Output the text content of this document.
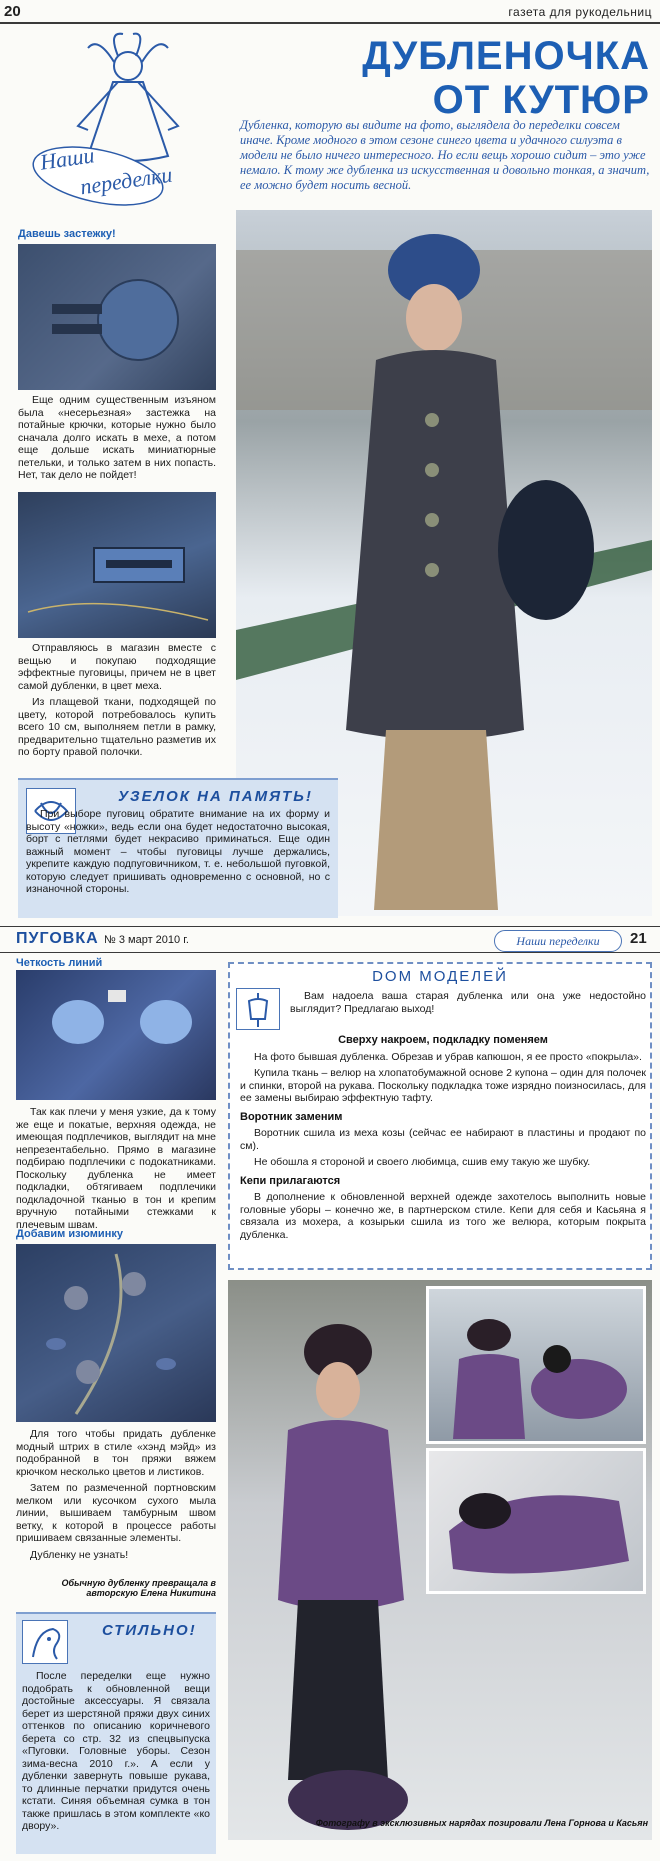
20	газета для рукодельниц
Наши
переделки
ДУБЛЕНОЧКА
ОТ КУТЮР
Дубленка, которую вы видите на фото, выглядела до переделки совсем иначе. Кроме модного в этом сезоне синего цвета и удачного силуэта в модели не было ничего интересного. Но если вещь хорошо сидит – это уже немало. К тому же дубленка из искусственная и довольно тонкая, а значит, ее можно будет носить весной.
Давешь застежку!

Еще одним существенным изъяном была «несерьезная» застежка на потайные крючки, которые нужно было сначала долго искать в мехе, а потом еще дольше искать миниатюрные петельки, и только затем в них попасть. Нет, так дело не пойдет!

Отправляюсь в магазин вместе с вещью и покупаю подходящие эффектные пуговицы, причем не в цвет самой дубленки, в цвет меха.

Из плащевой ткани, подходящей по цвету, которой потребовалось купить всего 10 см, выполняем петли в рамку, предварительно тщательно разметив их по борту правой полочки.

УЗЕЛОК НА ПАМЯТЬ!

При выборе пуговиц обратите внимание на их форму и высоту «ножки», ведь если она будет недостаточно высокая, борт с петлями будет некрасиво приминаться. Еще один важный момент – чтобы пуговицы лучше держались, укрепите каждую подпуговичником, т. е. небольшой пуговкой, которую следует пришивать одновременно с основной, но с изнаночной стороны.

ПУГОВКА № 3 март 2010 г.	Наши переделки	21
Четкость линий

Так как плечи у меня узкие, да к тому же еще и покатые, верхняя одежда, не имеющая подплечиков, выглядит на мне непрезентабельно. Прямо в магазине подбираю подплечики с подокатниками. Поскольку дубленка не имеет подкладки, обтягиваем подплечики подкладочной тканью в тон и крепим вручную потайными стежками к плечевым швам.

Добавим изюминку

Для того чтобы придать дубленке модный штрих в стиле «хэнд мэйд» из подобранной в тон пряжи вяжем крючком несколько цветов и листиков.

Затем по размеченной портновским мелком или кусочком сухого мыла линии, вышиваем тамбурным швом ветку, к которой в процессе работы пришиваем связанные элементы.

Дубленку не узнать!

Обычную дубленку превращала в авторскую Елена Никитина
СТИЛЬНО!

После переделки еще нужно подобрать к обновленной вещи достойные аксессуары. Я связала берет из шерстяной пряжи двух синих оттенков по описанию коричневого берета со стр. 32 из спецвыпуска «Пуговки. Головные уборы. Сезон зима-весна 2010 г.». А если у дубленки завернуть повыше рукава, то длинные перчатки придутся очень кстати. Синяя объемная сумка в тон также пришлась в этом комплекте «ко двору».

DOM МОДЕЛЕЙ

Вам надоела ваша старая дубленка или она уже недостойно выглядит? Предлагаю выход!

Сверху накроем, подкладку поменяем

На фото бывшая дубленка. Обрезав и убрав капюшон, я ее просто «покрыла».

Купила ткань – велюр на хлопатобумажной основе 2 купона – один для полочек и спинки, второй на рукава. Поскольку подкладка тоже изрядно поизносилась, для ее замены выбираю эффектную тафту.

Воротник заменим

Воротник сшила из меха козы (сейчас ее набирают в пластины и продают по см).

Не обошла я стороной и своего любимца, сшив ему такую же шубку.

Кепи прилагаются

В дополнение к обновленной верхней одежде захотелось выполнить новые головные уборы – конечно же, в партнерском стиле. Кепи для себя и Касьяна я связала из мохера, а козырьки сшила из того же велюра, которым покрыта дубленка.

Фотографу в эксклюзивных нарядах позировали Лена Горнова и Касьян
